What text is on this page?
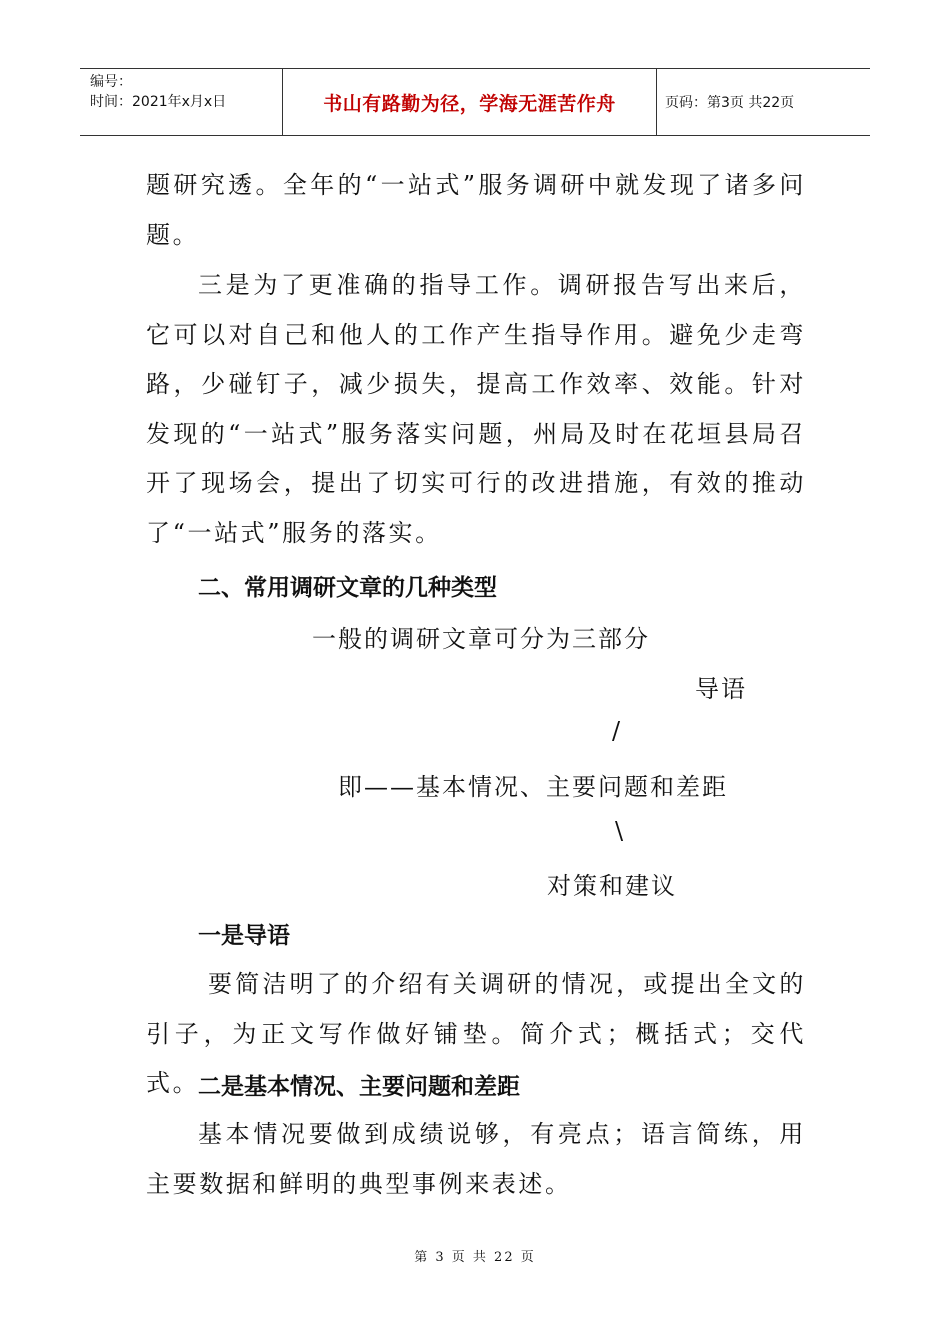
编号：
时间：2021年x月x日	书山有路勤为径，学海无涯苦作舟	页码：第3页 共22页

题研究透。全年的“一站式”服务调研中就发现了诸多问题。

三是为了更准确的指导工作。调研报告写出来后，它可以对自己和他人的工作产生指导作用。避免少走弯路，少碰钉子，减少损失，提高工作效率、效能。针对发现的“一站式”服务落实问题，州局及时在花垣县局召开了现场会，提出了切实可行的改进措施，有效的推动了“一站式”服务的落实。

二、常用调研文章的几种类型

一般的调研文章可分为三部分

导语

/

即——基本情况、主要问题和差距

\

对策和建议

一是导语

要简洁明了的介绍有关调研的情况，或提出全文的引子，为正文写作做好铺垫。简介式；概括式；交代式。

二是基本情况、主要问题和差距

基本情况要做到成绩说够，有亮点；语言简练，用主要数据和鲜明的典型事例来表述。

第 3 页 共 22 页
